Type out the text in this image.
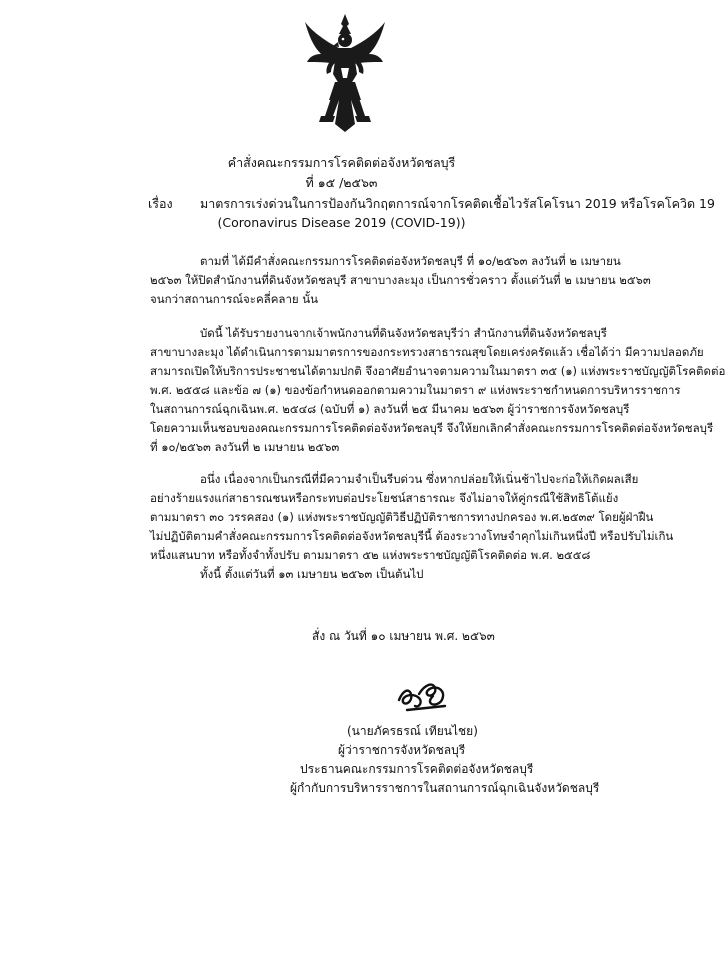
คำสั่งคณะกรรมการโรคติดต่อจังหวัดชลบุรี
ที่ ๑๕ /๒๕๖๓
เรื่อง มาตรการเร่งด่วนในการป้องกันวิกฤตการณ์จากโรคติดเชื้อไวรัสโคโรนา 2019 หรือโรคโควิด 19
(Coronavirus Disease 2019 (COVID-19))
ตามที่ ได้มีคำสั่งคณะกรรมการโรคติดต่อจังหวัดชลบุรี ที่ ๑๐/๒๕๖๓ ลงวันที่ ๒ เมษายน
๒๕๖๓ ให้ปิดสำนักงานที่ดินจังหวัดชลบุรี สาขาบางละมุง เป็นการชั่วคราว ตั้งแต่วันที่ ๒ เมษายน ๒๕๖๓
จนกว่าสถานการณ์จะคลี่คลาย นั้น
บัดนี้ ได้รับรายงานจากเจ้าพนักงานที่ดินจังหวัดชลบุรีว่า สำนักงานที่ดินจังหวัดชลบุรี
สาขาบางละมุง ได้ดำเนินการตามมาตรการของกระทรวงสาธารณสุขโดยเคร่งครัดแล้ว เชื่อได้ว่า มีความปลอดภัย
สามารถเปิดให้บริการประชาชนได้ตามปกติ จึงอาศัยอำนาจตามความในมาตรา ๓๕ (๑) แห่งพระราชบัญญัติโรคติดต่อ
พ.ศ. ๒๕๕๘ และข้อ ๗ (๑) ของข้อกำหนดออกตามความในมาตรา ๙ แห่งพระราชกำหนดการบริหารราชการ
ในสถานการณ์ฉุกเฉินพ.ศ. ๒๕๔๘ (ฉบับที่ ๑) ลงวันที่ ๒๕ มีนาคม ๒๕๖๓ ผู้ว่าราชการจังหวัดชลบุรี
โดยความเห็นชอบของคณะกรรมการโรคติดต่อจังหวัดชลบุรี จึงให้ยกเลิกคำสั่งคณะกรรมการโรคติดต่อจังหวัดชลบุรี
ที่ ๑๐/๒๕๖๓ ลงวันที่ ๒ เมษายน ๒๕๖๓
อนึ่ง เนื่องจากเป็นกรณีที่มีความจำเป็นรีบด่วน ซึ่งหากปล่อยให้เนิ่นช้าไปจะก่อให้เกิดผลเสีย
อย่างร้ายแรงแก่สาธารณชนหรือกระทบต่อประโยชน์สาธารณะ จึงไม่อาจให้คู่กรณีใช้สิทธิโต้แย้ง
ตามมาตรา ๓๐ วรรคสอง (๑) แห่งพระราชบัญญัติวิธีปฏิบัติราชการทางปกครอง พ.ศ.๒๕๓๙ โดยผู้ฝ่าฝืน
ไม่ปฏิบัติตามคำสั่งคณะกรรมการโรคติดต่อจังหวัดชลบุรีนี้ ต้องระวางโทษจำคุกไม่เกินหนึ่งปี หรือปรับไม่เกิน
หนึ่งแสนบาท หรือทั้งจำทั้งปรับ ตามมาตรา ๕๒ แห่งพระราชบัญญัติโรคติดต่อ พ.ศ. ๒๕๕๘
ทั้งนี้ ตั้งแต่วันที่ ๑๓ เมษายน ๒๕๖๓ เป็นต้นไป
สั่ง ณ วันที่ ๑๐ เมษายน พ.ศ. ๒๕๖๓
(นายภัครธรณ์ เทียนไชย)
ผู้ว่าราชการจังหวัดชลบุรี
ประธานคณะกรรมการโรคติดต่อจังหวัดชลบุรี
ผู้กำกับการบริหารราชการในสถานการณ์ฉุกเฉินจังหวัดชลบุรี
